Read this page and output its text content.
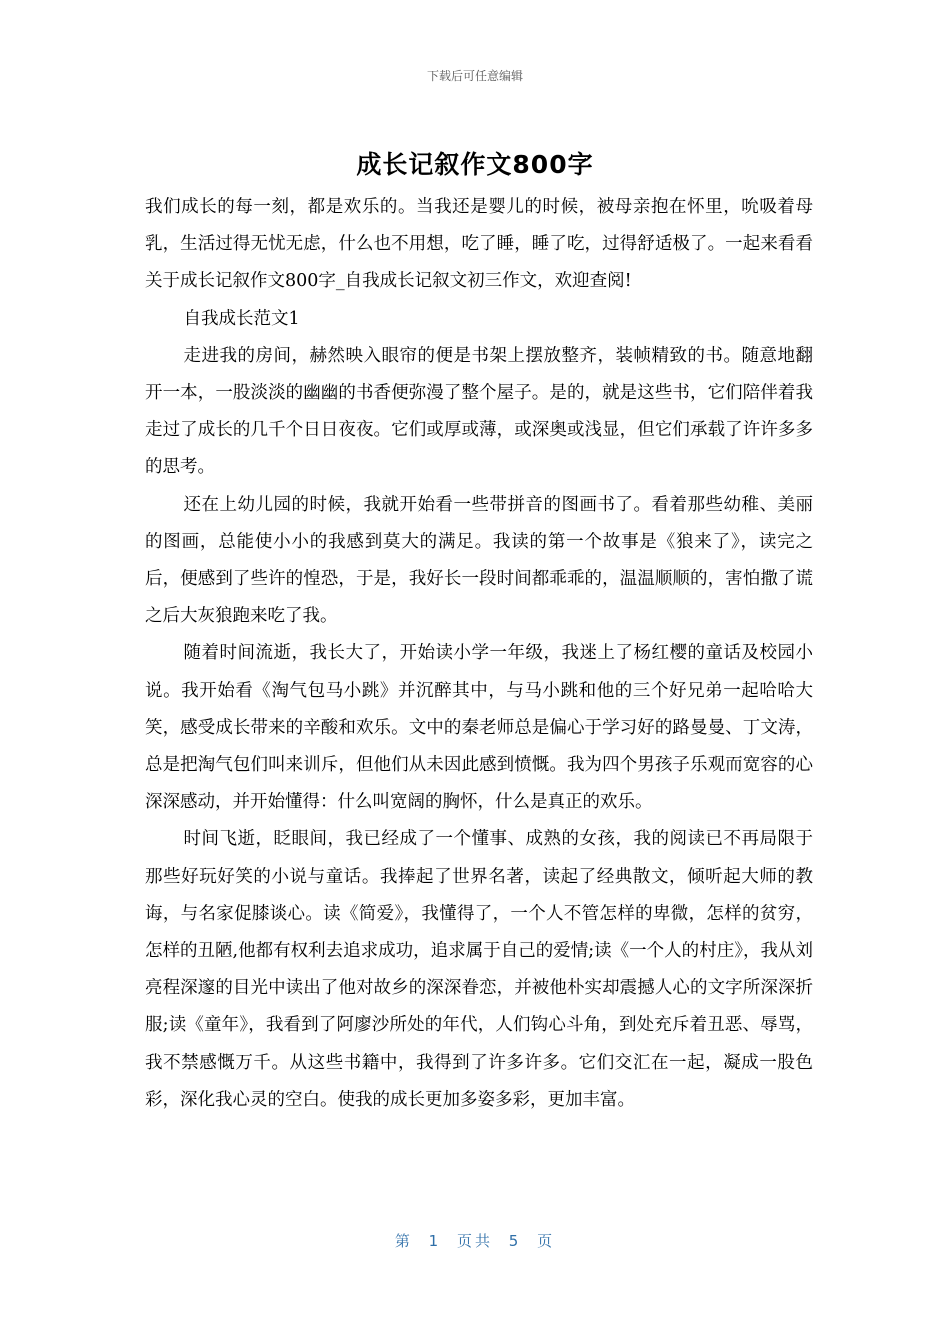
下载后可任意编辑
成长记叙作文800字

我们成长的每一刻，都是欢乐的。当我还是婴儿的时候，被母亲抱在怀里，吮吸着母乳，生活过得无忧无虑，什么也不用想，吃了睡，睡了吃，过得舒适极了。一起来看看关于成长记叙作文800字_自我成长记叙文初三作文，欢迎查阅!

自我成长范文1

走进我的房间，赫然映入眼帘的便是书架上摆放整齐，装帧精致的书。随意地翻开一本，一股淡淡的幽幽的书香便弥漫了整个屋子。是的，就是这些书，它们陪伴着我走过了成长的几千个日日夜夜。它们或厚或薄，或深奥或浅显，但它们承载了许许多多的思考。

还在上幼儿园的时候，我就开始看一些带拼音的图画书了。看着那些幼稚、美丽的图画，总能使小小的我感到莫大的满足。我读的第一个故事是《狼来了》，读完之后，便感到了些许的惶恐，于是，我好长一段时间都乖乖的，温温顺顺的，害怕撒了谎之后大灰狼跑来吃了我。

随着时间流逝，我长大了，开始读小学一年级，我迷上了杨红樱的童话及校园小说。我开始看《淘气包马小跳》并沉醉其中，与马小跳和他的三个好兄弟一起哈哈大笑，感受成长带来的辛酸和欢乐。文中的秦老师总是偏心于学习好的路曼曼、丁文涛，总是把淘气包们叫来训斥，但他们从未因此感到愤慨。我为四个男孩子乐观而宽容的心深深感动，并开始懂得：什么叫宽阔的胸怀，什么是真正的欢乐。

时间飞逝，眨眼间，我已经成了一个懂事、成熟的女孩，我的阅读已不再局限于那些好玩好笑的小说与童话。我捧起了世界名著，读起了经典散文，倾听起大师的教诲，与名家促膝谈心。读《简爱》，我懂得了，一个人不管怎样的卑微，怎样的贫穷，怎样的丑陋,他都有权利去追求成功，追求属于自己的爱情;读《一个人的村庄》，我从刘亮程深邃的目光中读出了他对故乡的深深眷恋，并被他朴实却震撼人心的文字所深深折服;读《童年》，我看到了阿廖沙所处的年代，人们钩心斗角，到处充斥着丑恶、辱骂，我不禁感慨万千。从这些书籍中，我得到了许多许多。它们交汇在一起，凝成一股色彩，深化我心灵的空白。使我的成长更加多姿多彩，更加丰富。

第 1 页共 5 页
